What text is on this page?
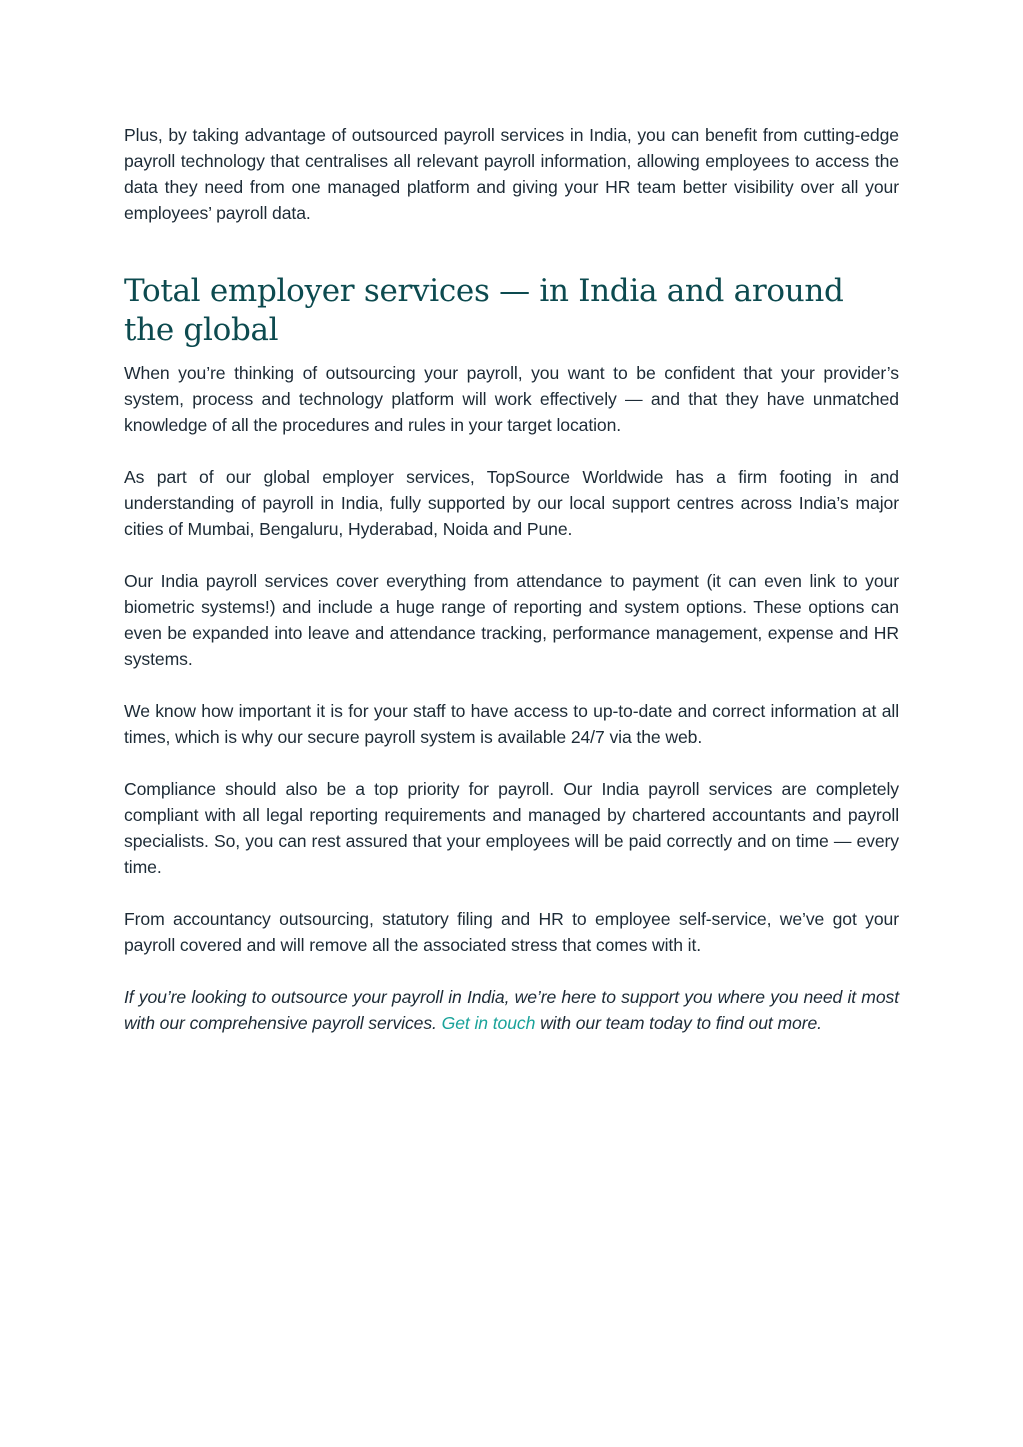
Plus, by taking advantage of outsourced payroll services in India, you can benefit from cutting-edge payroll technology that centralises all relevant payroll information, allowing employees to access the data they need from one managed platform and giving your HR team better visibility over all your employees’ payroll data.

Total employer services — in India and around the global

When you’re thinking of outsourcing your payroll, you want to be confident that your provider’s system, process and technology platform will work effectively — and that they have unmatched knowledge of all the procedures and rules in your target location.

As part of our global employer services, TopSource Worldwide has a firm footing in and understanding of payroll in India, fully supported by our local support centres across India’s major cities of Mumbai, Bengaluru, Hyderabad, Noida and Pune.

Our India payroll services cover everything from attendance to payment (it can even link to your biometric systems!) and include a huge range of reporting and system options. These options can even be expanded into leave and attendance tracking, performance management, expense and HR systems.

We know how important it is for your staff to have access to up-to-date and correct information at all times, which is why our secure payroll system is available 24/7 via the web.

Compliance should also be a top priority for payroll. Our India payroll services are completely compliant with all legal reporting requirements and managed by chartered accountants and payroll specialists. So, you can rest assured that your employees will be paid correctly and on time — every time.

From accountancy outsourcing, statutory filing and HR to employee self-service, we’ve got your payroll covered and will remove all the associated stress that comes with it.

If you’re looking to outsource your payroll in India, we’re here to support you where you need it most with our comprehensive payroll services. Get in touch with our team today to find out more.
